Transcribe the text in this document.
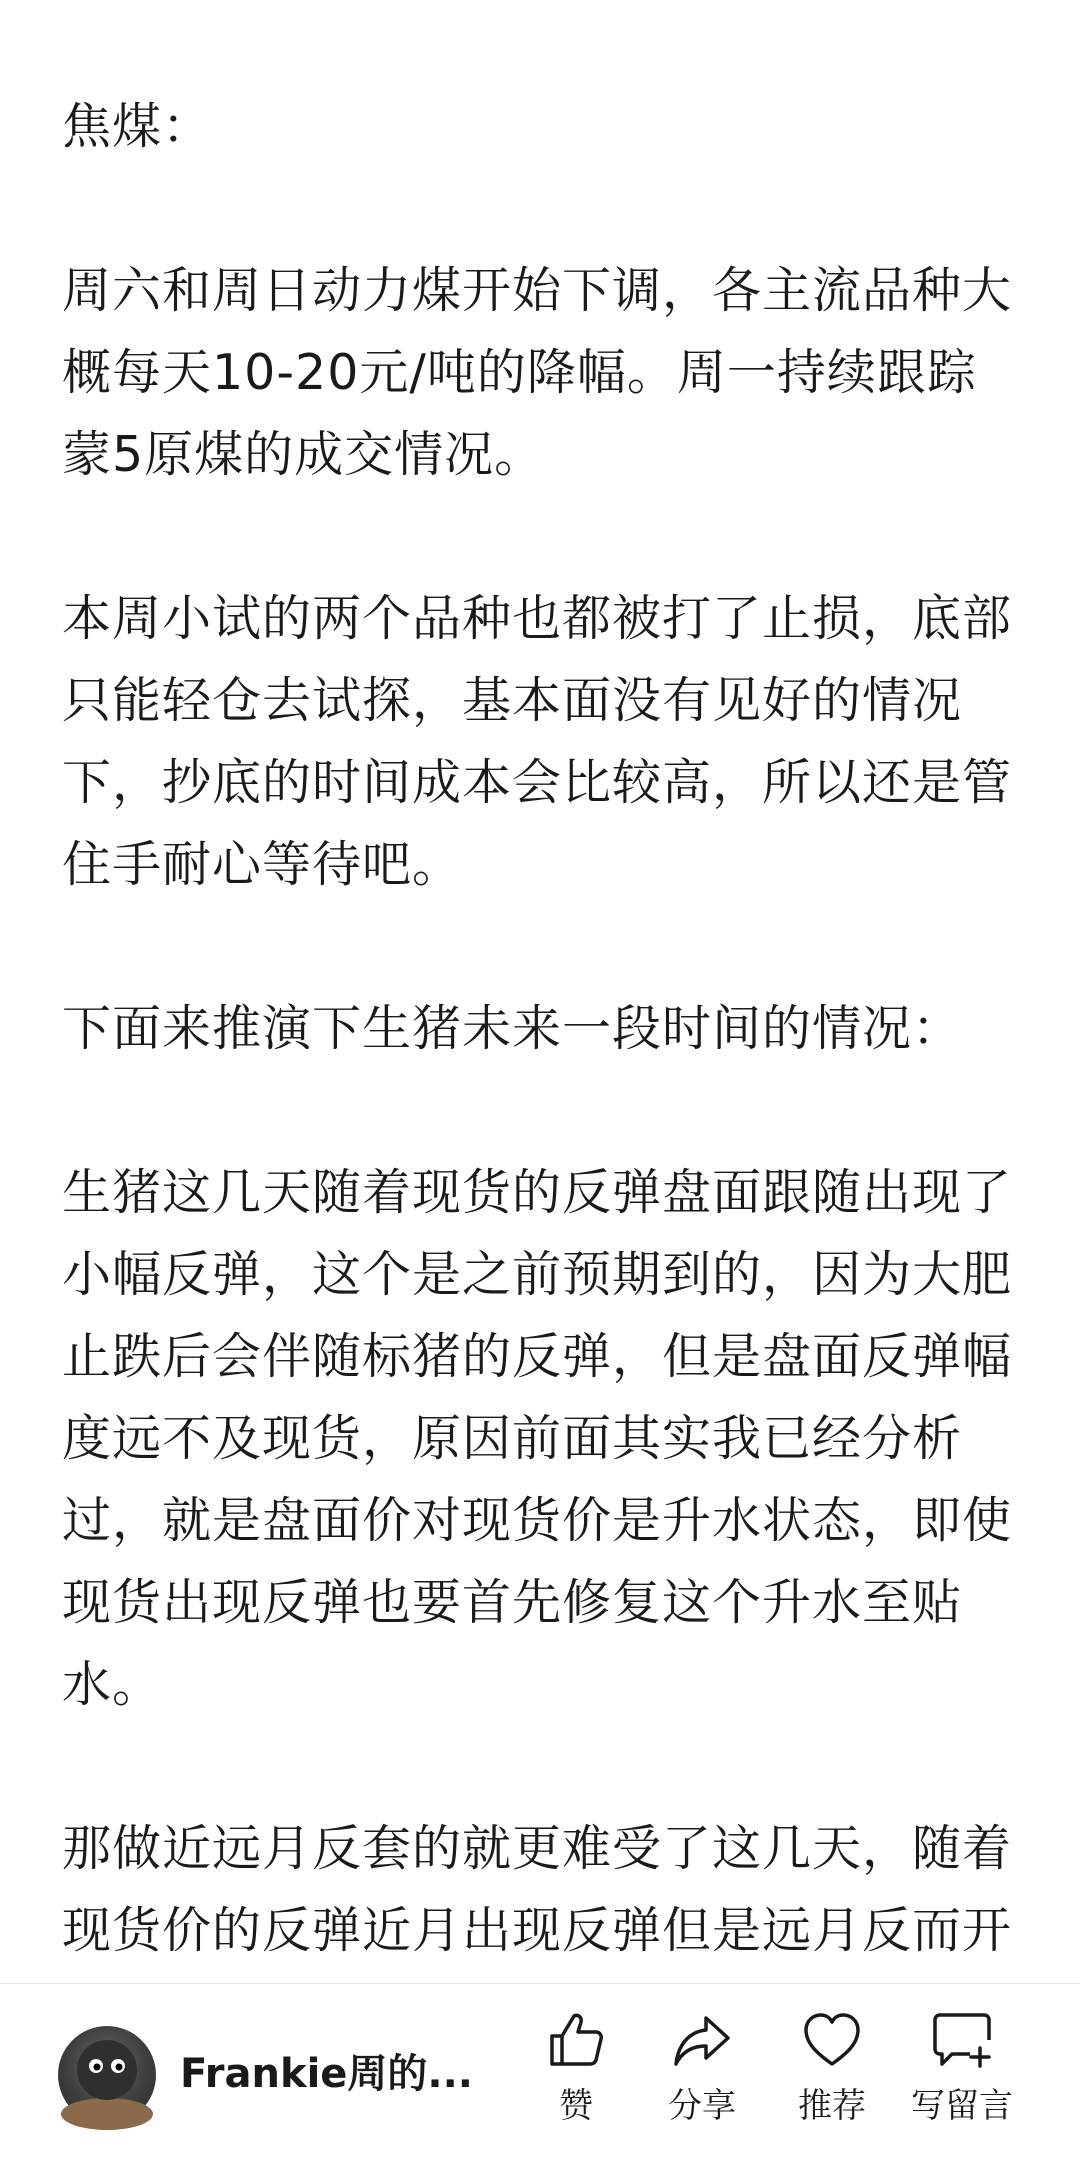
焦煤：

周六和周日动力煤开始下调，各主流品种大概每天10-20元/吨的降幅。周一持续跟踪蒙5原煤的成交情况。

本周小试的两个品种也都被打了止损，底部只能轻仓去试探，基本面没有见好的情况下，抄底的时间成本会比较高，所以还是管住手耐心等待吧。

下面来推演下生猪未来一段时间的情况：

生猪这几天随着现货的反弹盘面跟随出现了小幅反弹，这个是之前预期到的，因为大肥止跌后会伴随标猪的反弹，但是盘面反弹幅度远不及现货，原因前面其实我已经分析过，就是盘面价对现货价是升水状态，即使现货出现反弹也要首先修复这个升水至贴水。

那做近远月反套的就更难受了这几天，随着现货价的反弹近月出现反弹但是远月反而开

Frankie周的...
赞	分享	推荐	写留言
